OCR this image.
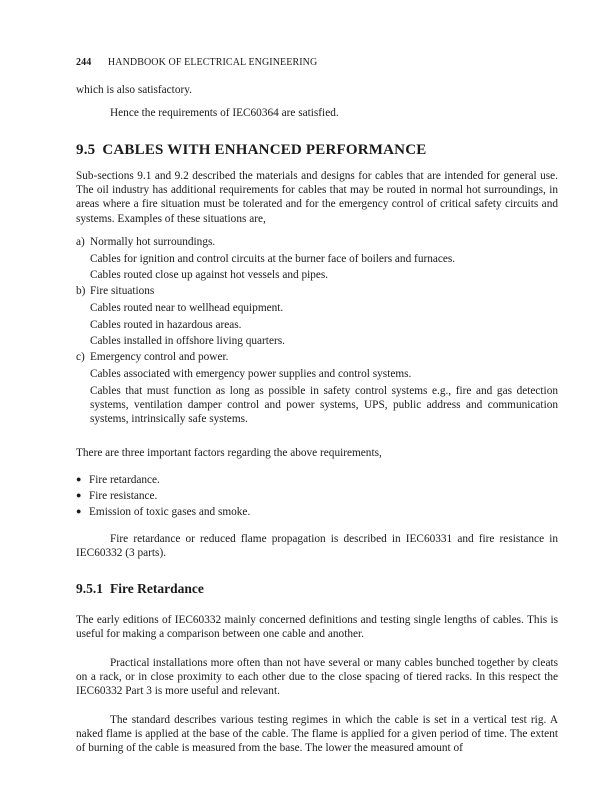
244 HANDBOOK OF ELECTRICAL ENGINEERING

which is also satisfactory.

Hence the requirements of IEC60364 are satisfied.

9.5 CABLES WITH ENHANCED PERFORMANCE

Sub-sections 9.1 and 9.2 described the materials and designs for cables that are intended for general use. The oil industry has additional requirements for cables that may be routed in normal hot surroundings, in areas where a fire situation must be tolerated and for the emergency control of critical safety circuits and systems. Examples of these situations are,

a) Normally hot surroundings.

Cables for ignition and control circuits at the burner face of boilers and furnaces.

Cables routed close up against hot vessels and pipes.

b) Fire situations

Cables routed near to wellhead equipment.

Cables routed in hazardous areas.

Cables installed in offshore living quarters.

c) Emergency control and power.

Cables associated with emergency power supplies and control systems.

Cables that must function as long as possible in safety control systems e.g., fire and gas detection systems, ventilation damper control and power systems, UPS, public address and communication systems, intrinsically safe systems.

There are three important factors regarding the above requirements,

● Fire retardance.

● Fire resistance.

● Emission of toxic gases and smoke.

Fire retardance or reduced flame propagation is described in IEC60331 and fire resistance in IEC60332 (3 parts).

9.5.1 Fire Retardance

The early editions of IEC60332 mainly concerned definitions and testing single lengths of cables. This is useful for making a comparison between one cable and another.

Practical installations more often than not have several or many cables bunched together by cleats on a rack, or in close proximity to each other due to the close spacing of tiered racks. In this respect the IEC60332 Part 3 is more useful and relevant.

The standard describes various testing regimes in which the cable is set in a vertical test rig. A naked flame is applied at the base of the cable. The flame is applied for a given period of time. The extent of burning of the cable is measured from the base. The lower the measured amount of
